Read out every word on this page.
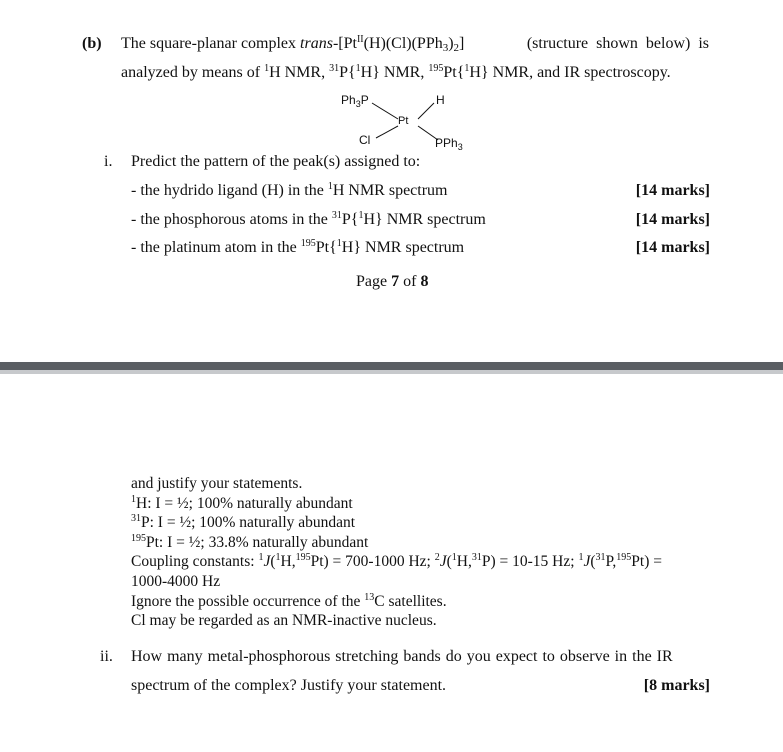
(b) The square-planar complex trans-$[Pt^{II}(H)(Cl)(PPh_3)_2]$	(structure shown below) is
analyzed by means of $^1$H NMR, $^{31}$P{$^1$H} NMR, $^{195}$Pt{$^1$H} NMR, and IR spectroscopy.
$Ph_3P$	H
Pt
Cl	PPh$_3$
i. Predict the pattern of the peak(s) assigned to:
- the hydrido ligand (H) in the $^1$H NMR spectrum
- the phosphorous atoms in the $^{31}$P{$^1$H} NMR spectrum
- the platinum atom in the $^{195}$Pt{$^1$H} NMR spectrum
[14 marks]
[14 marks]
[14 marks]
Page 7 of 8
and justify your statements.
$^1$H: I = ½; 100% naturally abundant
$^{31}$P: I = ½; 100% naturally abundant
$^{195}$Pt: I = ½; 33.8% naturally abundant
Coupling constants: $^1$J($^1$H,$^{195}$Pt) = 700-1000 Hz; $^2$J($^1$H,$^{31}$P) = 10-15 Hz; $^1$J($^{31}$P,$^{195}$Pt) =
1000-4000 Hz
Ignore the possible occurrence of the $^{13}$C satellites.
Cl may be regarded as an NMR-inactive nucleus.
ii. How many metal-phosphorous stretching bands do you expect to observe in the IR
spectrum of the complex? Justify your statement.	[8 marks]
